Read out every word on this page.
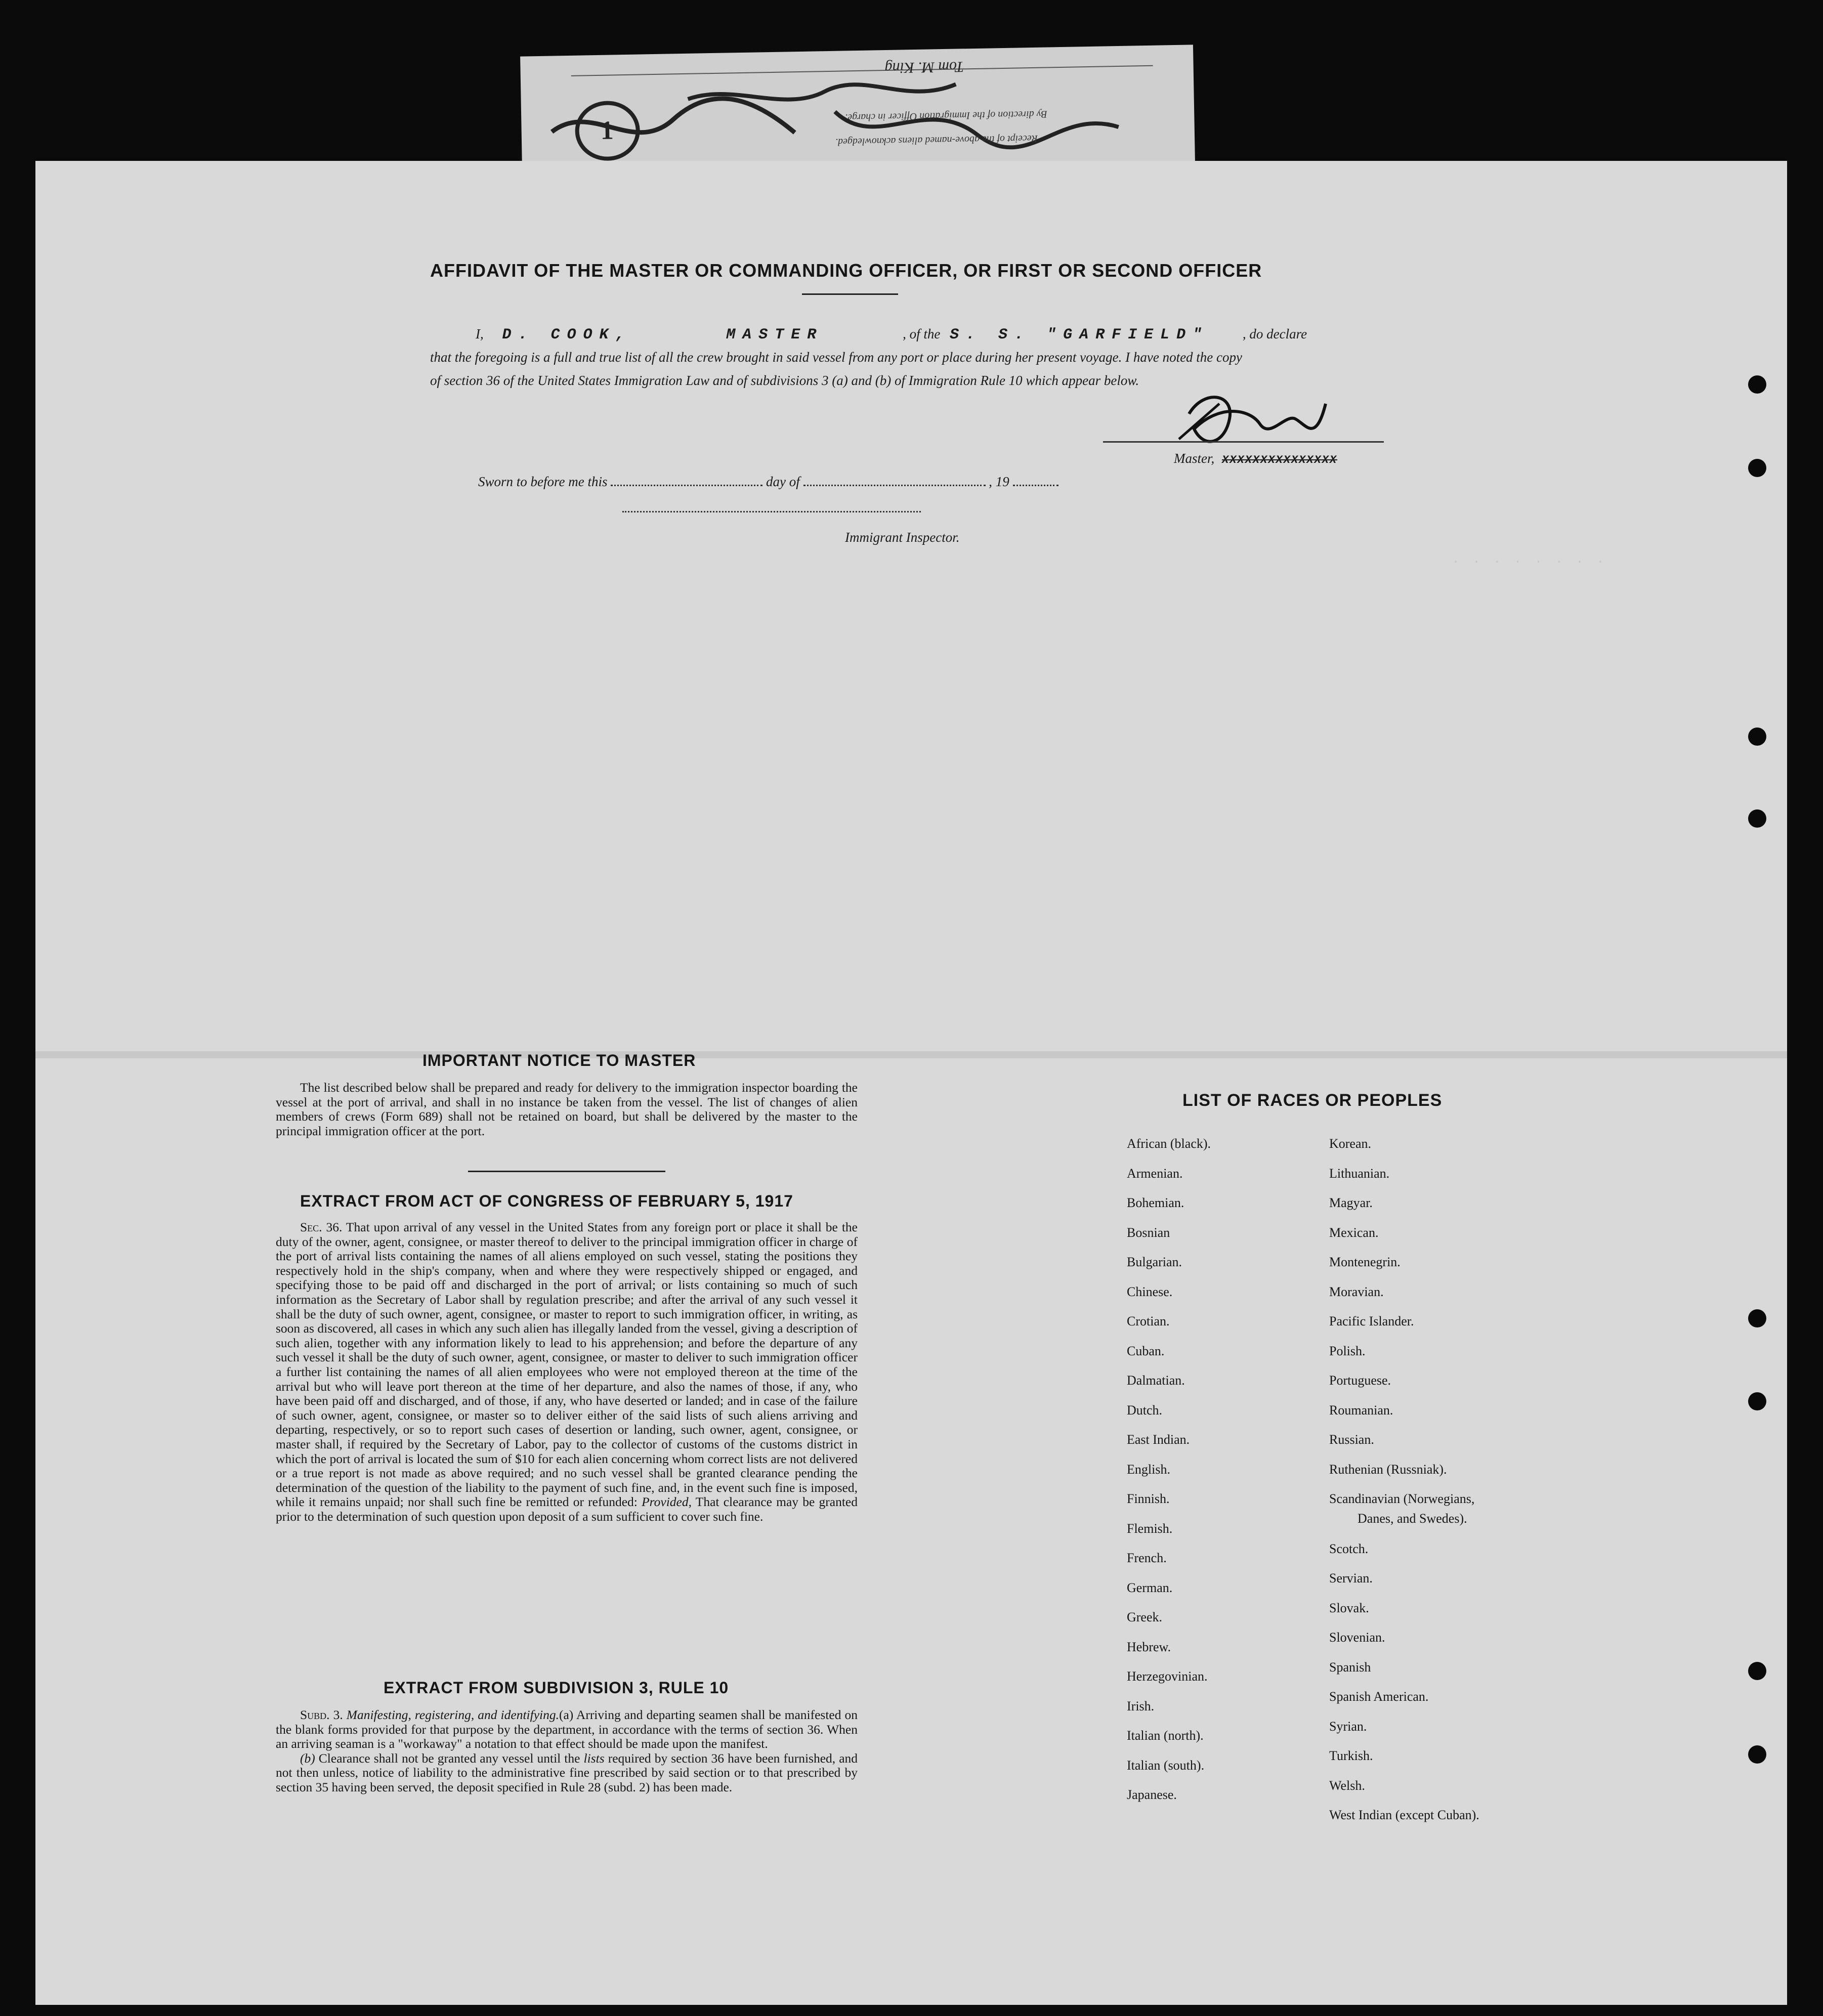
Receipt of the above-named aliens acknowledged.
By direction of the Immigration Officer in charge.
Tom M. King
1
· · · · · · · ·
AFFIDAVIT OF THE MASTER OR COMMANDING OFFICER, OR FIRST OR SECOND OFFICER
I, D. COOK,	MASTER	, of the S. S. "GARFIELD" , do declare
that the foregoing is a full and true list of all the crew brought in said vessel from any port or place during her present voyage. I have noted the copy
of section 36 of the United States Immigration Law and of subdivisions 3 (a) and (b) of Immigration Rule 10 which appear below.
Master, XXXXXXXXXXXXXXX
Sworn to before me this	day of	, 19
Immigrant Inspector.
IMPORTANT NOTICE TO MASTER

The list described below shall be prepared and ready for delivery to the immigration inspector boarding the vessel at the port of arrival, and shall in no instance be taken from the vessel. The list of changes of alien members of crews (Form 689) shall not be retained on board, but shall be delivered by the master to the principal immigration officer at the port.

EXTRACT FROM ACT OF CONGRESS OF FEBRUARY 5, 1917

Sec. 36. That upon arrival of any vessel in the United States from any foreign port or place it shall be the duty of the owner, agent, consignee, or master thereof to deliver to the principal immigration officer in charge of the port of arrival lists containing the names of all aliens employed on such vessel, stating the positions they respectively hold in the ship's company, when and where they were respectively shipped or engaged, and specifying those to be paid off and discharged in the port of arrival; or lists containing so much of such information as the Secretary of Labor shall by regulation prescribe; and after the arrival of any such vessel it shall be the duty of such owner, agent, consignee, or master to report to such immigration officer, in writing, as soon as discovered, all cases in which any such alien has illegally landed from the vessel, giving a description of such alien, together with any information likely to lead to his apprehension; and before the departure of any such vessel it shall be the duty of such owner, agent, consignee, or master to deliver to such immigration officer a further list containing the names of all alien employees who were not employed thereon at the time of the arrival but who will leave port thereon at the time of her departure, and also the names of those, if any, who have been paid off and discharged, and of those, if any, who have deserted or landed; and in case of the failure of such owner, agent, consignee, or master so to deliver either of the said lists of such aliens arriving and departing, respectively, or so to report such cases of desertion or landing, such owner, agent, consignee, or master shall, if required by the Secretary of Labor, pay to the collector of customs of the customs district in which the port of arrival is located the sum of $10 for each alien concerning whom correct lists are not delivered or a true report is not made as above required; and no such vessel shall be granted clearance pending the determination of the question of the liability to the payment of such fine, and, in the event such fine is imposed, while it remains unpaid; nor shall such fine be remitted or refunded: Provided, That clearance may be granted prior to the determination of such question upon deposit of a sum sufficient to cover such fine.

EXTRACT FROM SUBDIVISION 3, RULE 10

Subd. 3. Manifesting, registering, and identifying.(a) Arriving and departing seamen shall be manifested on the blank forms provided for that purpose by the department, in accordance with the terms of section 36. When an arriving seaman is a "workaway" a notation to that effect should be made upon the manifest.

(b) Clearance shall not be granted any vessel until the lists required by section 36 have been furnished, and not then unless, notice of liability to the administrative fine prescribed by said section or to that prescribed by section 35 having been served, the deposit specified in Rule 28 (subd. 2) has been made.

LIST OF RACES OR PEOPLES
African (black).
Armenian.
Bohemian.
Bosnian
Bulgarian.
Chinese.
Crotian.
Cuban.
Dalmatian.
Dutch.
East Indian.
English.
Finnish.
Flemish.
French.
German.
Greek.
Hebrew.
Herzegovinian.
Irish.
Italian (north).
Italian (south).
Japanese.
Korean.
Lithuanian.
Magyar.
Mexican.
Montenegrin.
Moravian.
Pacific Islander.
Polish.
Portuguese.
Roumanian.
Russian.
Ruthenian (Russniak).
Scandinavian (Norwegians,
Danes, and Swedes).
Scotch.
Servian.
Slovak.
Slovenian.
Spanish
Spanish American.
Syrian.
Turkish.
Welsh.
West Indian (except Cuban).
